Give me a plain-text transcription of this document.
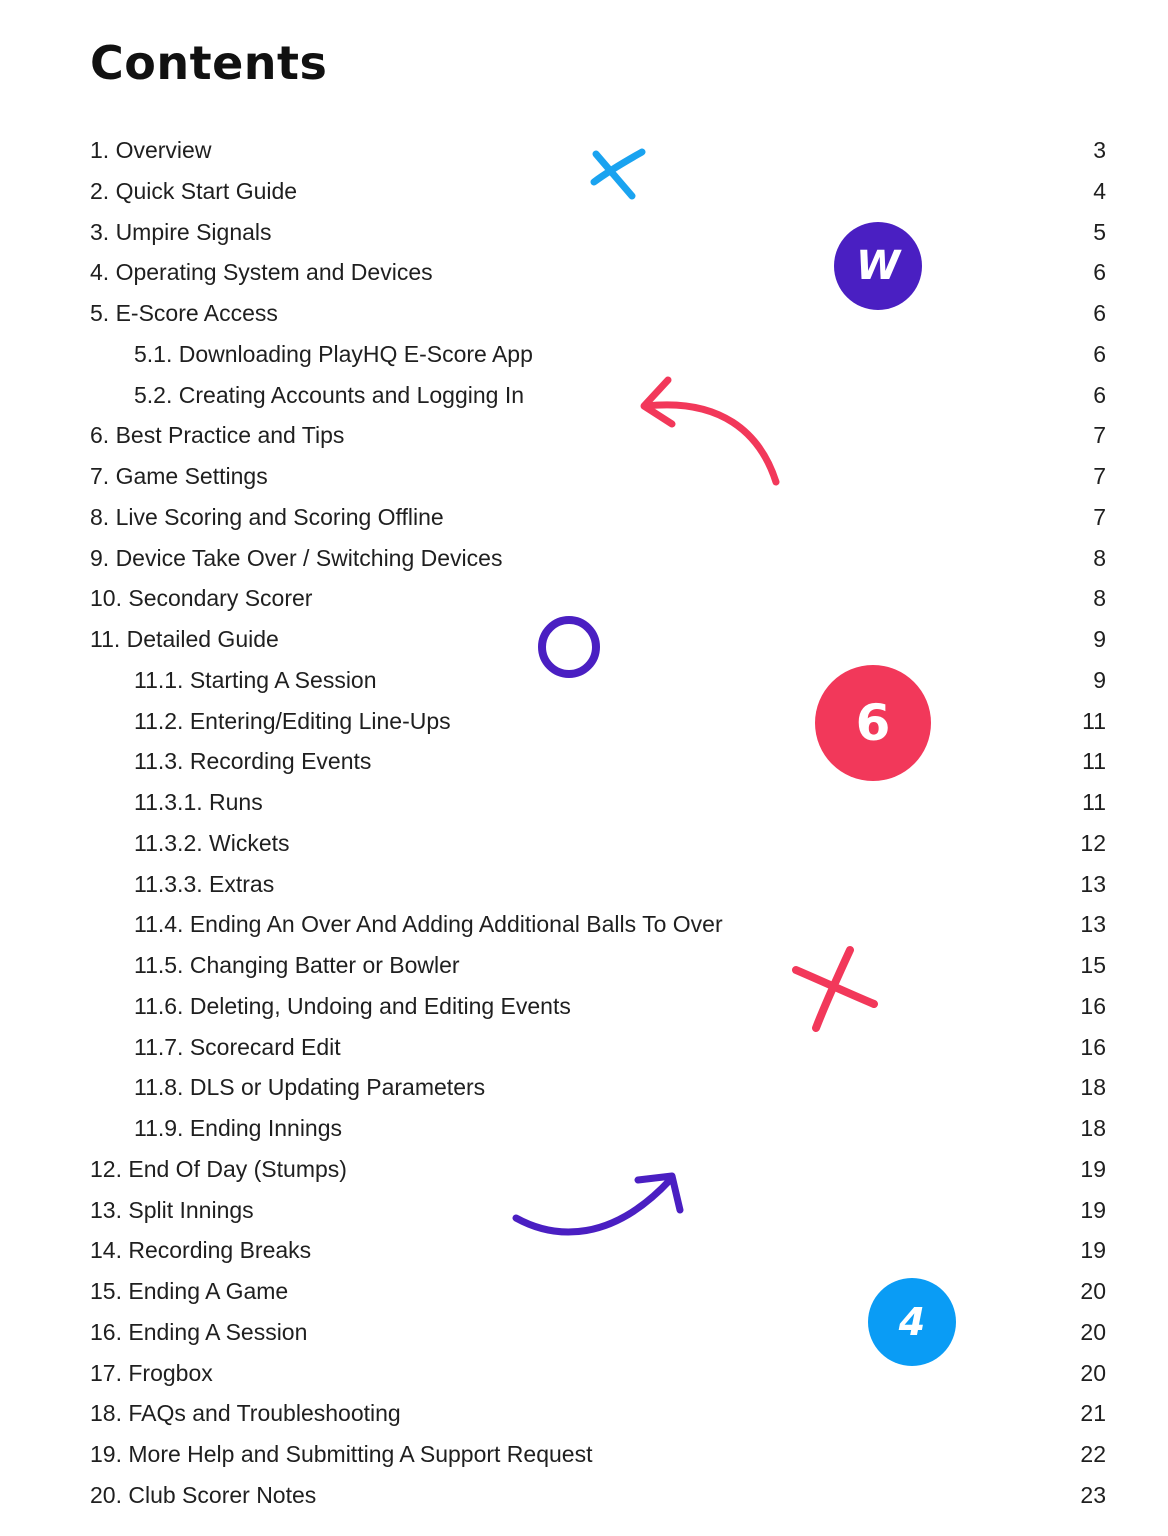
Contents
1. Overview	3
2. Quick Start Guide	4
3. Umpire Signals	5
4. Operating System and Devices	6
5. E-Score Access	6
5.1. Downloading PlayHQ E-Score App	6
5.2. Creating Accounts and Logging In	6
6. Best Practice and Tips	7
7. Game Settings	7
8. Live Scoring and Scoring Offline	7
9. Device Take Over / Switching Devices	8
10. Secondary Scorer	8
11. Detailed Guide	9
11.1. Starting A Session	9
11.2. Entering/Editing Line-Ups	11
11.3. Recording Events	11
11.3.1. Runs	11
11.3.2. Wickets	12
11.3.3. Extras	13
11.4. Ending An Over And Adding Additional Balls To Over	13
11.5. Changing Batter or Bowler	15
11.6. Deleting, Undoing and Editing Events	16
11.7. Scorecard Edit	16
11.8. DLS or Updating Parameters	18
11.9. Ending Innings	18
12. End Of Day (Stumps)	19
13. Split Innings	19
14. Recording Breaks	19
15. Ending A Game	20
16. Ending A Session	20
17. Frogbox	20
18. FAQs and Troubleshooting	21
19. More Help and Submitting A Support Request	22
20. Club Scorer Notes	23
W
6
4
